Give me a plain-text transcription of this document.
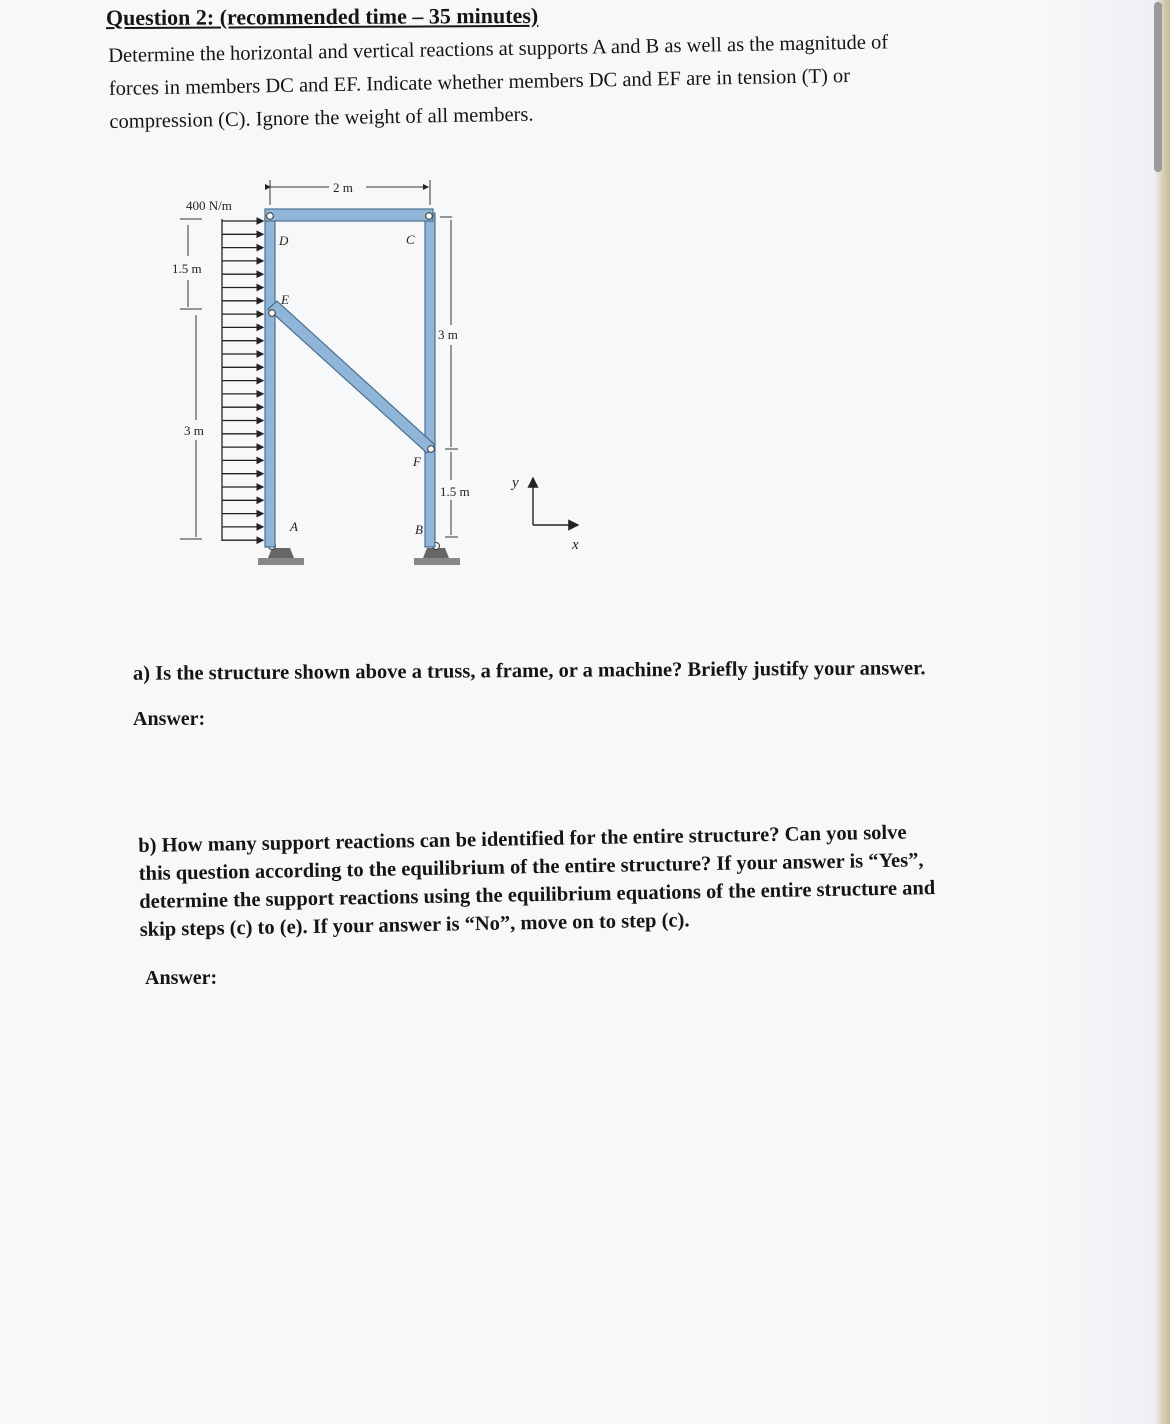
Question 2: (recommended time – 35 minutes)

Determine the horizontal and vertical reactions at supports A and B as well as the magnitude of forces in members DC and EF. Indicate whether members DC and EF are in tension (T) or compression (C). Ignore the weight of all members.

400 N/m
2 m
1.5 m
3 m
3 m
1.5 m
D	C
E
F
A	B
y
x

a) Is the structure shown above a truss, a frame, or a machine? Briefly justify your answer.

Answer:

b) How many support reactions can be identified for the entire structure? Can you solve this question according to the equilibrium of the entire structure? If your answer is “Yes”, determine the support reactions using the equilibrium equations of the entire structure and skip steps (c) to (e). If your answer is “No”, move on to step (c).

Answer:
